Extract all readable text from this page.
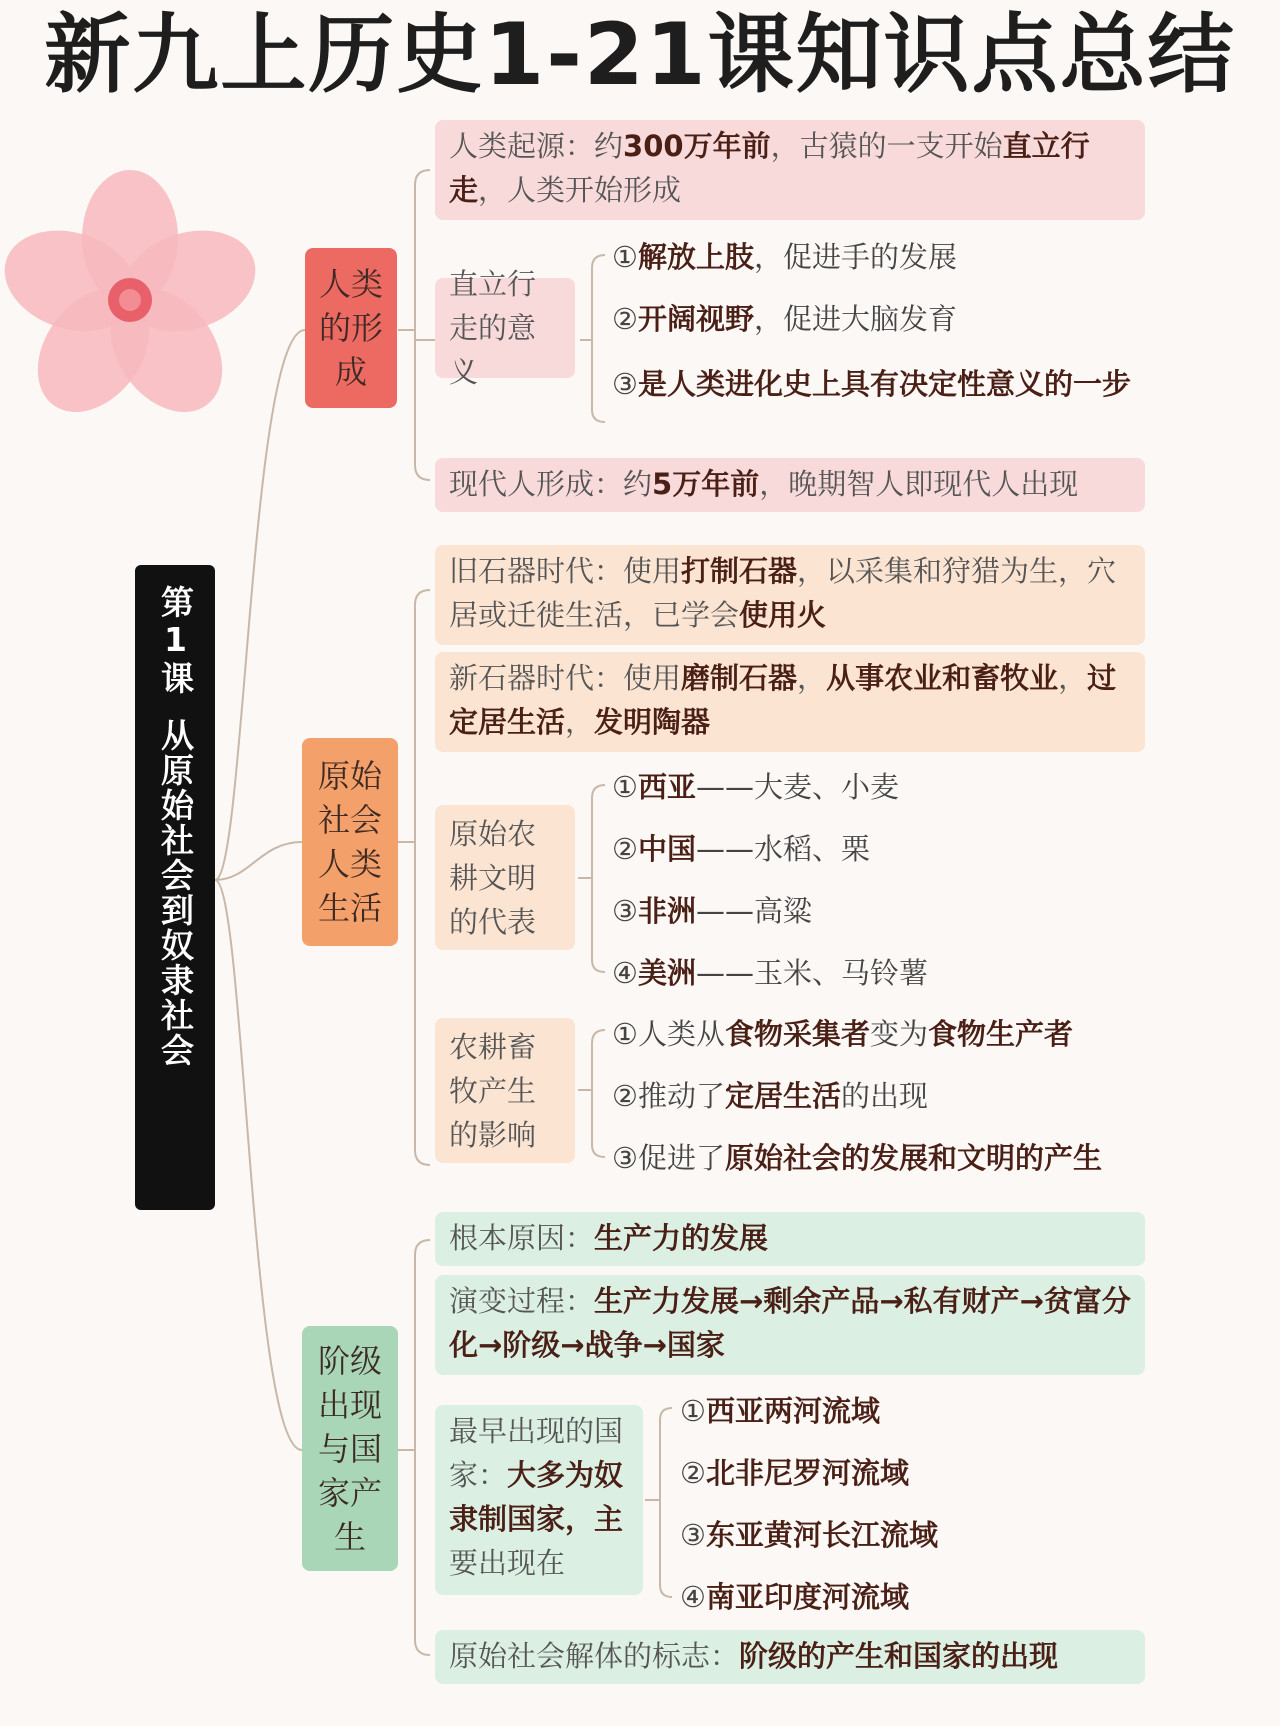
新九上历史1-21课知识点总结
第1课
从原始社会到奴隶社会
人类的形成
原始社会人类生活
阶级出现与国家产生
人类起源：约300万年前，古猿的一支开始直立行走，人类开始形成
直立行走的意义
①解放上肢，促进手的发展
②开阔视野，促进大脑发育
③是人类进化史上具有决定性意义的一步
现代人形成：约5万年前，晚期智人即现代人出现
旧石器时代：使用打制石器，以采集和狩猎为生，穴居或迁徙生活，已学会使用火
新石器时代：使用磨制石器，从事农业和畜牧业，过定居生活，发明陶器
原始农耕文明的代表
①西亚——大麦、小麦
②中国——水稻、栗
③非洲——高粱
④美洲——玉米、马铃薯
农耕畜牧产生的影响
①人类从食物采集者变为食物生产者
②推动了定居生活的出现
③促进了原始社会的发展和文明的产生
根本原因：生产力的发展
演变过程：生产力发展→剩余产品→私有财产→贫富分化→阶级→战争→国家
最早出现的国家：大多为奴隶制国家，主要出现在
①西亚两河流域
②北非尼罗河流域
③东亚黄河长江流域
④南亚印度河流域
原始社会解体的标志：阶级的产生和国家的出现
